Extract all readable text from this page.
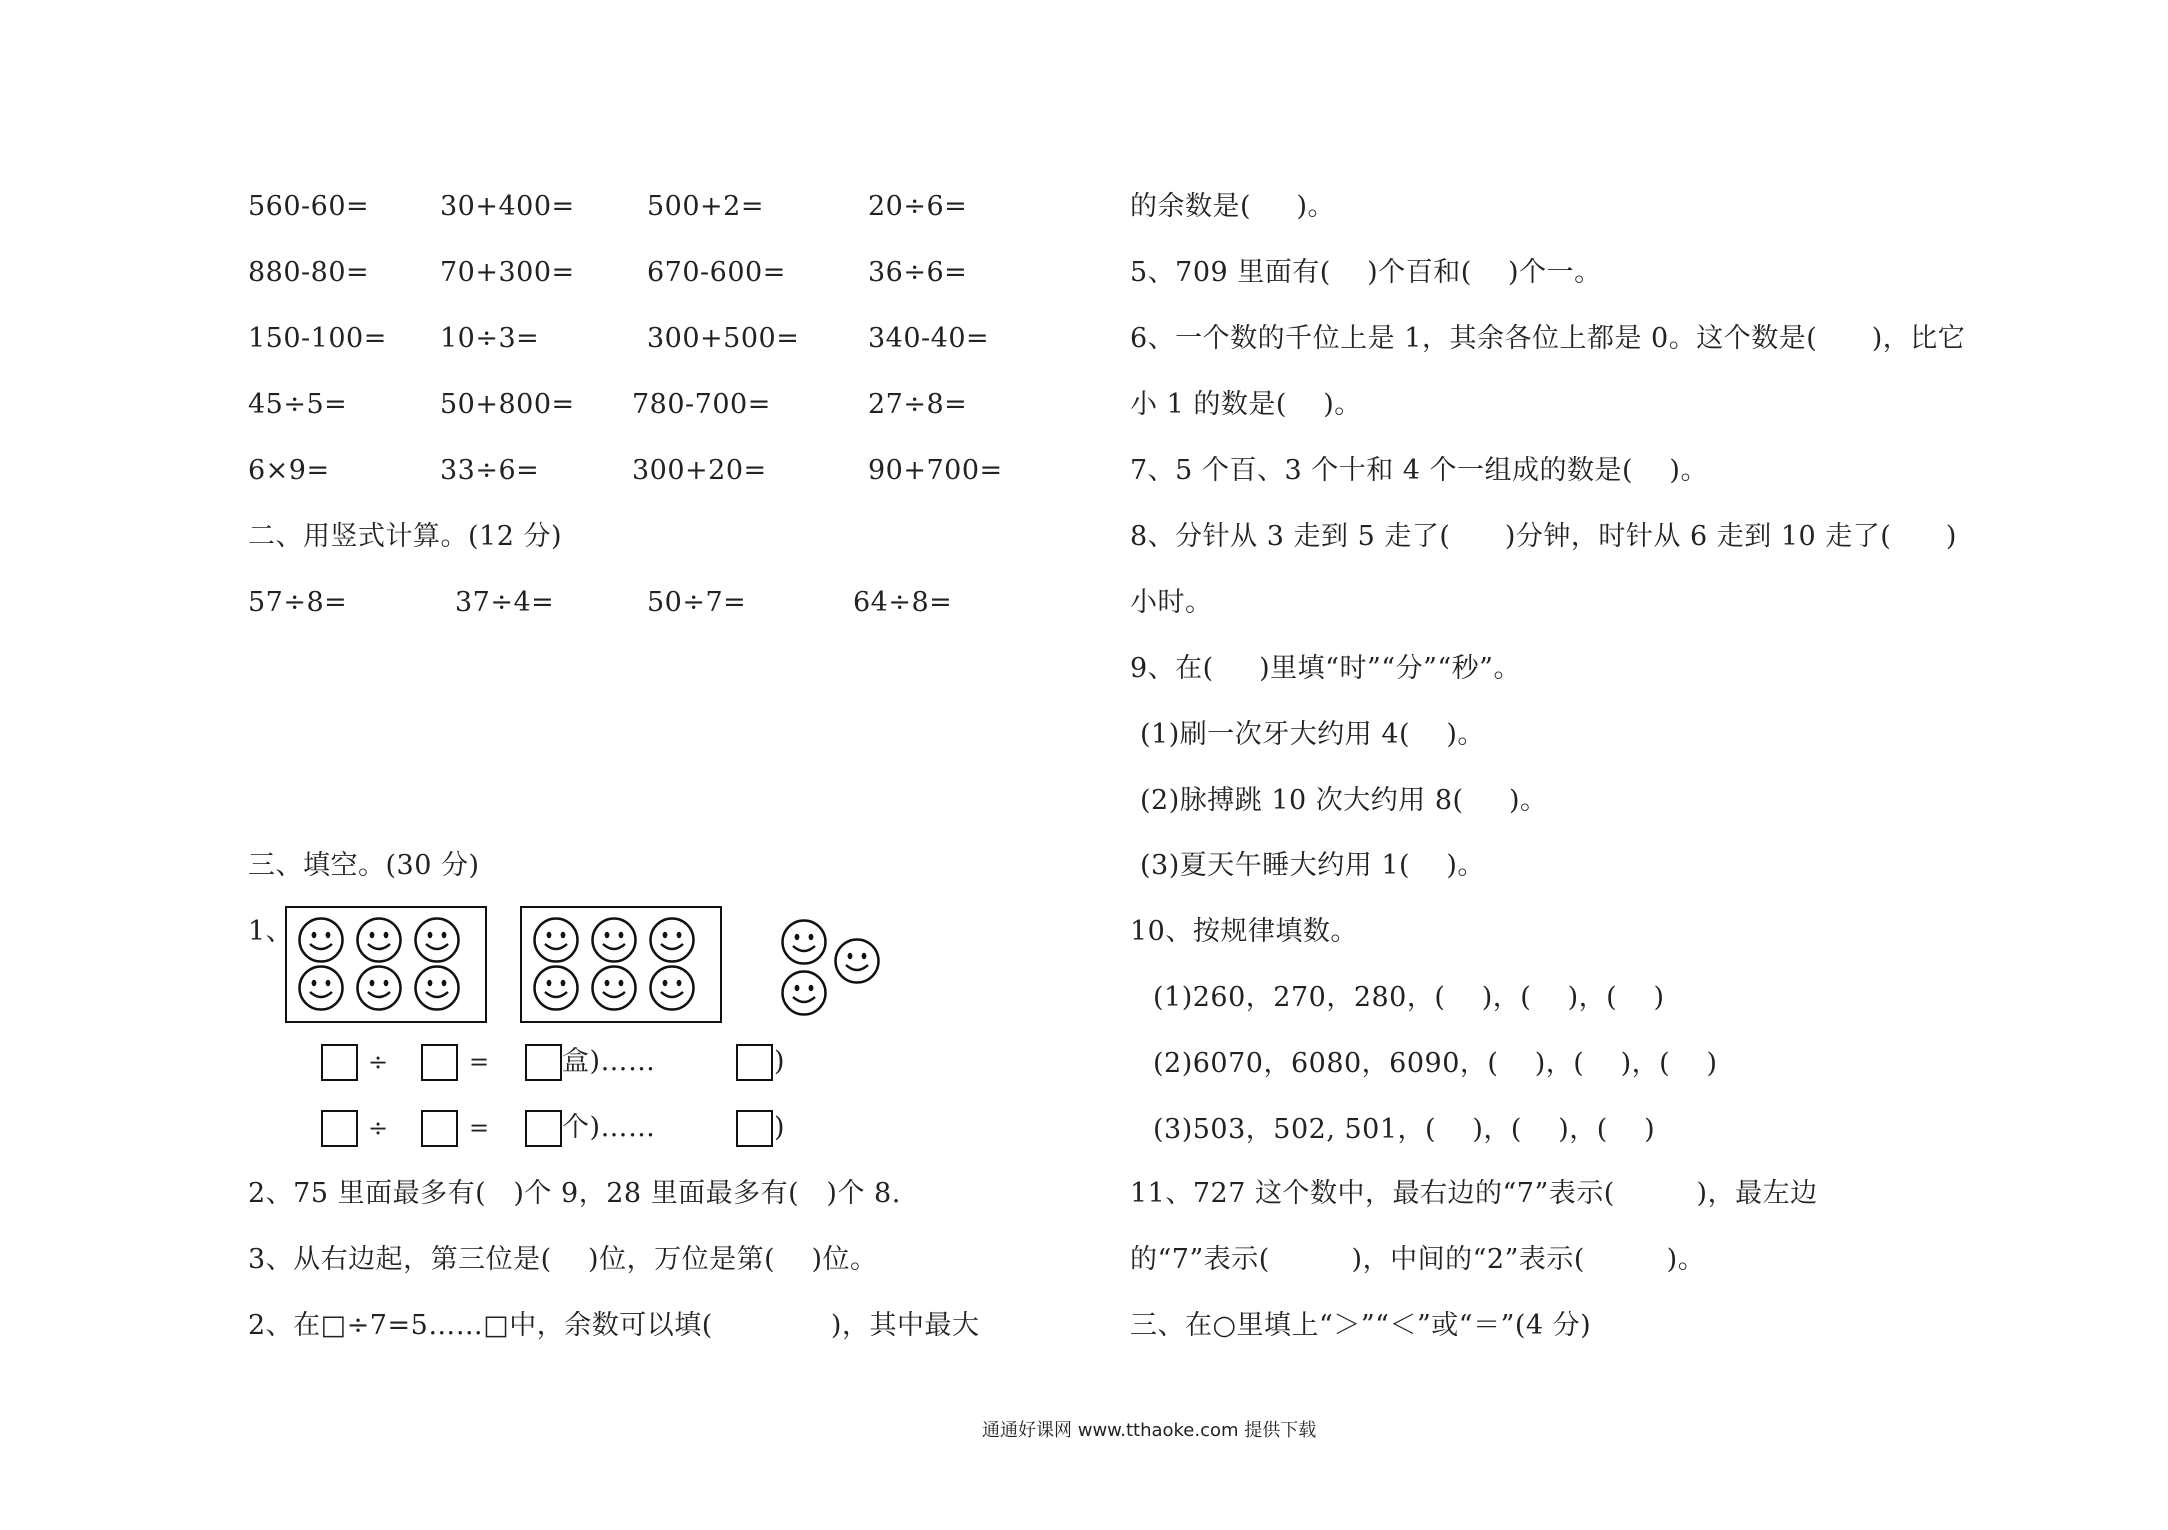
560-60=	30+400=	500+2=	20÷6=
880-80=	70+300=	670-600=	36÷6=
150-100= 10÷3=	300+500=	340-40=
45÷5=	50+800= 780-700=	27÷8=
6×9=	33÷6=	300+20=	90+700=
二、用竖式计算。(12 分)
57÷8=	37÷4=	50÷7=	64÷8=
三、填空。(30 分)
1、
÷	=	盒)……	)
÷	=	个)……	)
2、75 里面最多有(   )个 9，28 里面最多有(   )个 8.
3、从右边起，第三位是(    )位，万位是第(    )位。
2、在□÷7=5……□中，余数可以填(             )，其中最大
的余数是(     )。
5、709 里面有(    )个百和(    )个一。
6、一个数的千位上是 1，其余各位上都是 0。这个数是(      )，比它
小 1 的数是(    )。
7、5 个百、3 个十和 4 个一组成的数是(    )。
8、分针从 3 走到 5 走了(      )分钟，时针从 6 走到 10 走了(      )
小时。
9、在(     )里填“时”“分”“秒”。
(1)刷一次牙大约用 4(    )。
(2)脉搏跳 10 次大约用 8(     )。
(3)夏天午睡大约用 1(    )。
10、按规律填数。
(1)260，270，280，(    )，(    )，(    )
(2)6070，6080，6090，(    )，(    )，(    )
(3)503，502, 501，(    )，(    )，(    )
11、727 这个数中，最右边的“7”表示(         )，最左边
的“7”表示(         )，中间的“2”表示(         )。
三、在○里填上“＞”“＜”或“＝”(4 分)
通通好课网 www.tthaoke.com 提供下载
